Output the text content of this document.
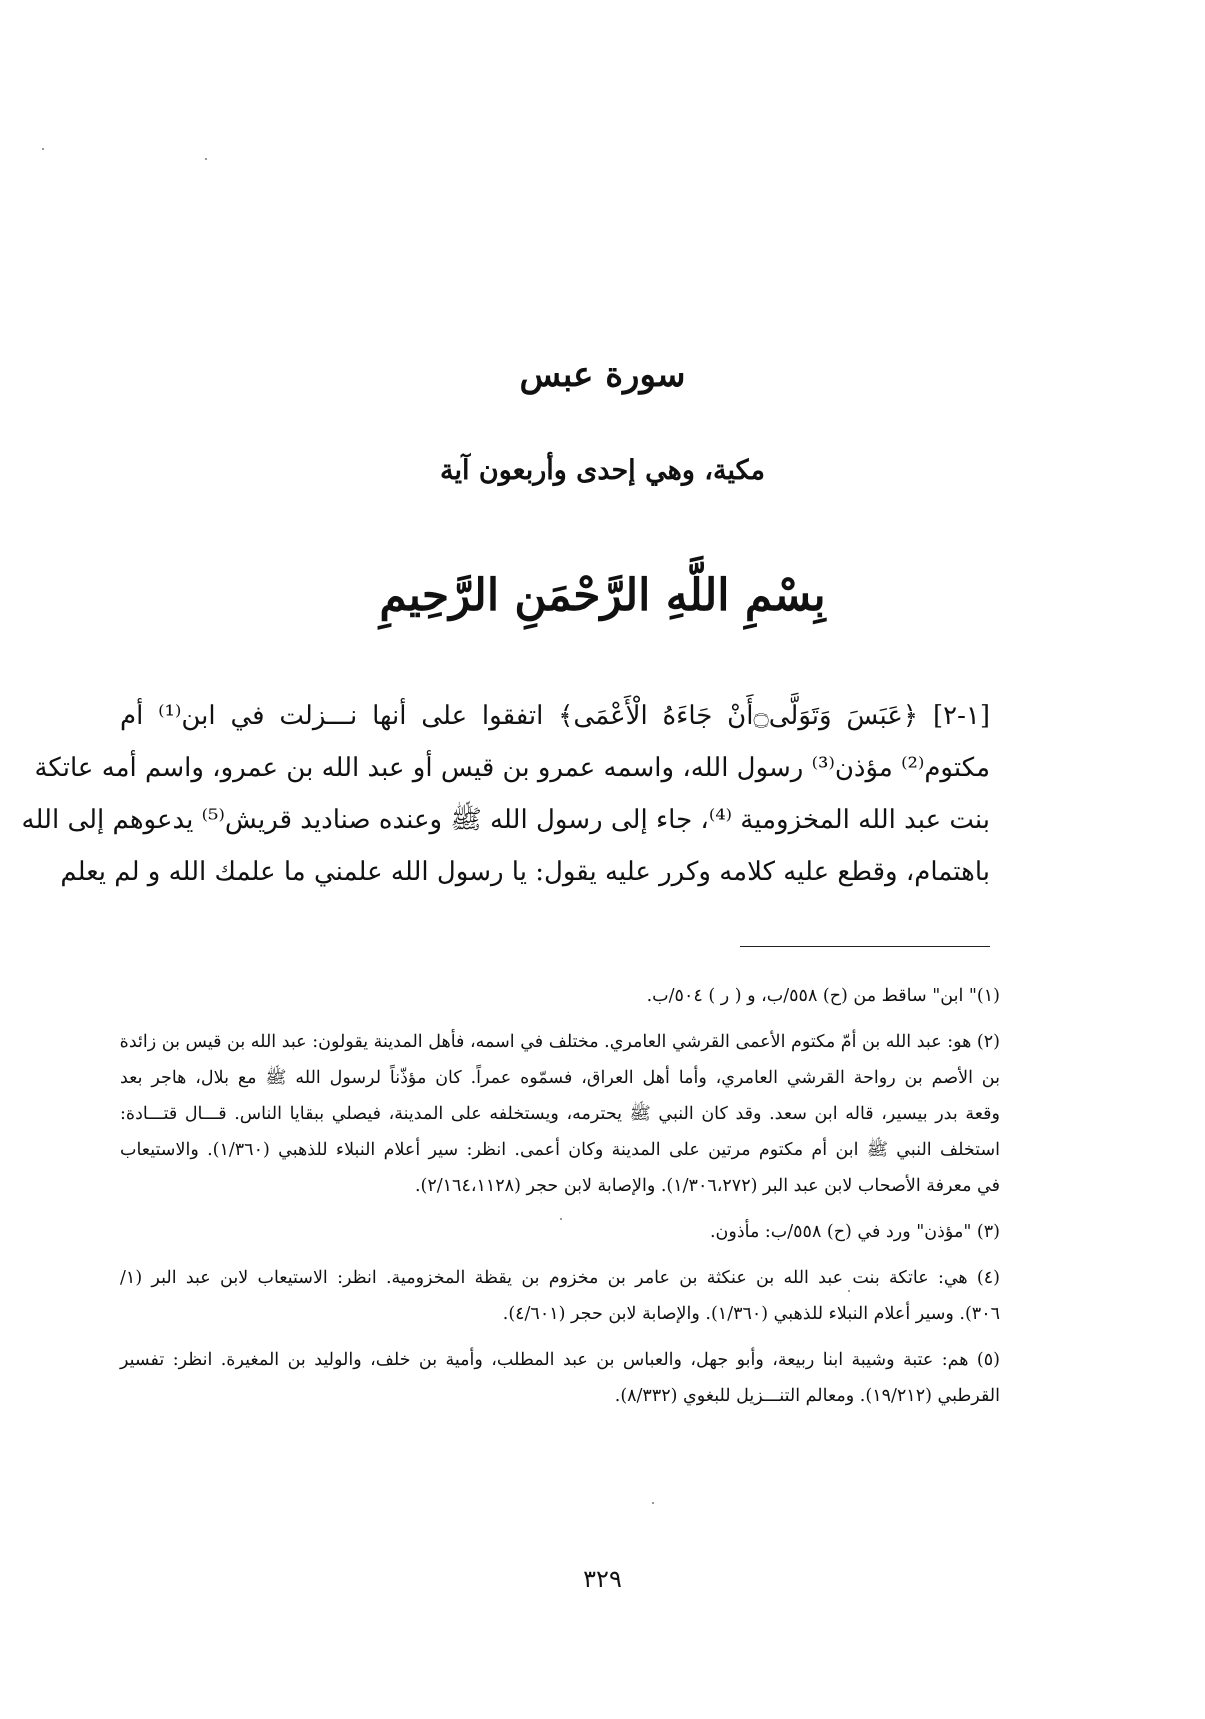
سورة عبس
مكية، وهي إحدى وأربعون آية
بِسْمِ اللَّهِ الرَّحْمَنِ الرَّحِيمِ
[١-٢] ﴿عَبَسَ وَتَوَلَّى۝أَنْ جَاءَهُ الْأَعْمَى﴾ اتفقوا على أنها نـــزلت في ابن⁽¹⁾ أم
مكتوم⁽²⁾ مؤذن⁽³⁾ رسول الله، واسمه عمرو بن قيس أو عبد الله بن عمرو، واسم أمه عاتكة
بنت عبد الله المخزومية ⁽⁴⁾، جاء إلى رسول الله ﷺ وعنده صناديد قريش⁽⁵⁾ يدعوهم إلى الله
باهتمام، وقطع عليه كلامه وكرر عليه يقول: يا رسول الله علمني ما علمك الله و لم يعلم
(١)" ابن" ساقط من (ح) ٥٥٨/ب، و ( ر ) ٥٠٤/ب.
(٢) هو: عبد الله بن أمّ مكتوم الأعمى القرشي العامري. مختلف في اسمه، فأهل المدينة يقولون: عبد الله بن قيس بن زائدة
بن الأصم بن رواحة القرشي العامري، وأما أهل العراق، فسمّوه عمراً. كان مؤذّناً لرسول الله ﷺ مع بلال، هاجر بعد
وقعة بدر بيسير، قاله ابن سعد. وقد كان النبي ﷺ يحترمه، ويستخلفه على المدينة، فيصلي ببقايا الناس. قـــال قتـــادة:
استخلف النبي ﷺ ابن أم مكتوم مرتين على المدينة وكان أعمى. انظر: سير أعلام النبلاء للذهبي (١/٣٦٠). والاستيعاب
في معرفة الأصحاب لابن عبد البر (١/٣٠٦،٢٧٢). والإصابة لابن حجر (٢/١٦٤،١١٢٨).
(٣) "مؤذن" ورد في (ح) ٥٥٨/ب: مأذون.
(٤) هي: عاتكة بنت عبد الله بن عنكثة بن عامر بن مخزوم بن يقظة المخزومية. انظر: الاستيعاب لابن عبد البر (١/
٣٠٦). وسير أعلام النبلاء للذهبي (١/٣٦٠). والإصابة لابن حجر (٤/٦٠١).
(٥) هم: عتبة وشيبة ابنا ربيعة، وأبو جهل، والعباس بن عبد المطلب، وأمية بن خلف، والوليد بن المغيرة. انظر: تفسير
القرطبي (١٩/٢١٢). ومعالم التنـــزيل للبغوي (٨/٣٣٢).
٣٢٩
